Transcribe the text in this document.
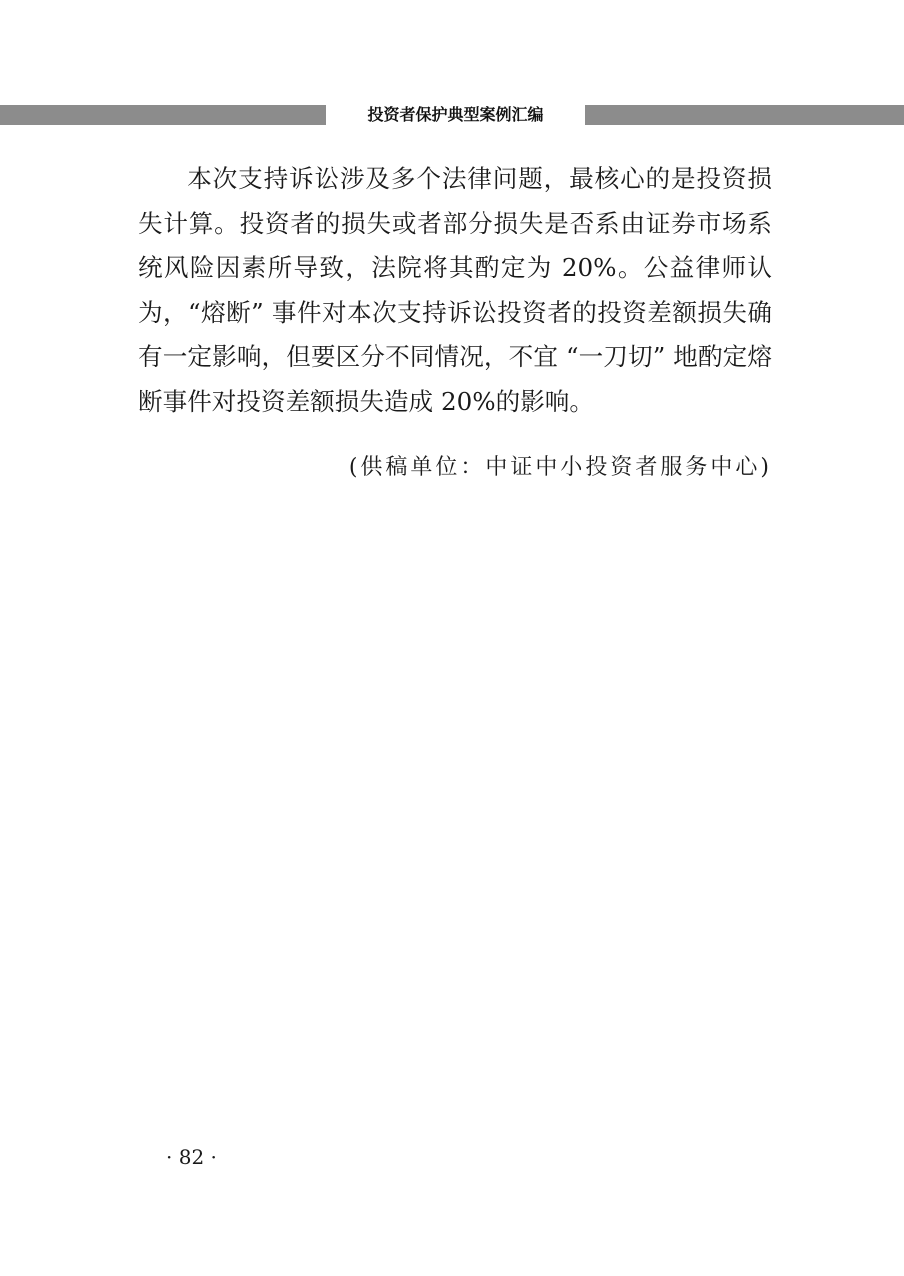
投资者保护典型案例汇编

本次支持诉讼涉及多个法律问题，最核心的是投资损失计算。投资者的损失或者部分损失是否系由证券市场系统风险因素所导致，法院将其酌定为 20%。公益律师认为，“熔断” 事件对本次支持诉讼投资者的投资差额损失确有一定影响，但要区分不同情况，不宜 “一刀切” 地酌定熔断事件对投资差额损失造成 20%的影响。

(供稿单位：中证中小投资者服务中心)
· 82 ·
